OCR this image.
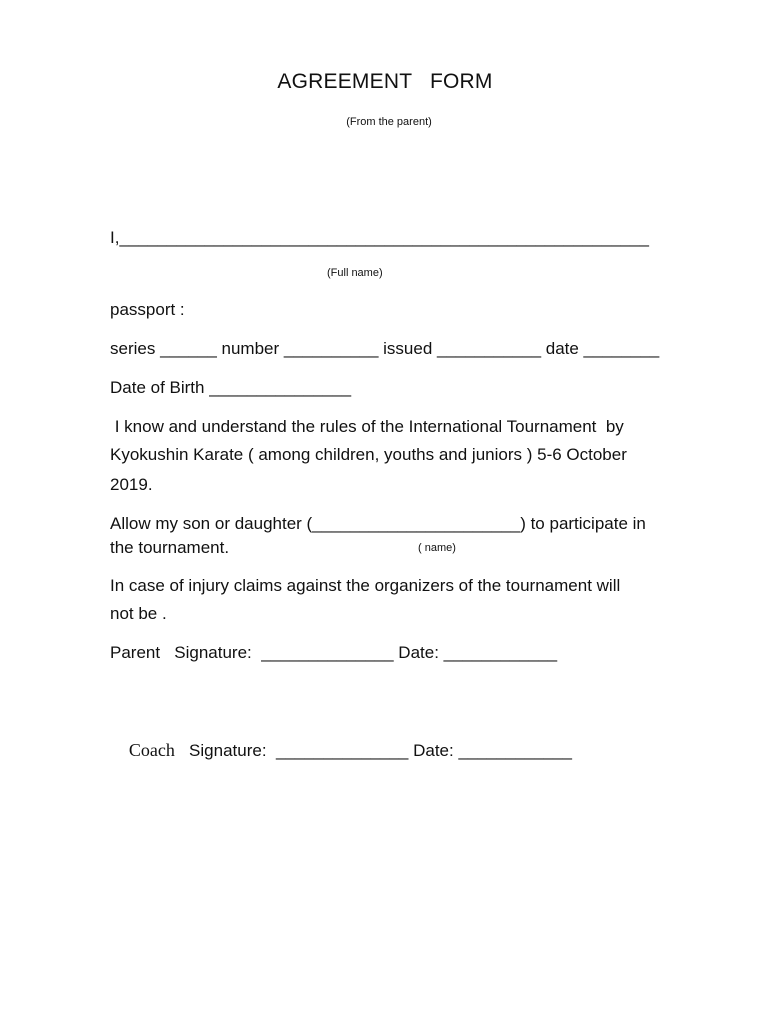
AGREEMENT   FORM
(From the parent)
I,________________________________________________________
(Full name)
passport :
series ______ number __________ issued ___________ date ________
Date of Birth _______________
I know and understand the rules of the International Tournament  by
Kyokushin Karate ( among children, youths and juniors ) 5-6 October
2019.
Allow my son or daughter (______________________) to participate in
the tournament.	( name)
In case of injury claims against the organizers of the tournament will
not be .
Parent   Signature:  ______________ Date: ____________

Coach   Signature:  ______________ Date: ____________
